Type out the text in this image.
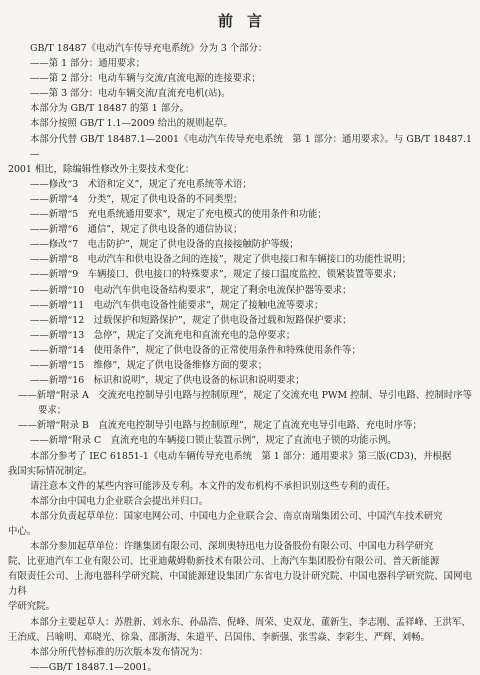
前言
GB/T 18487《电动汽车传导充电系统》分为 3 个部分：
——第 1 部分：通用要求；
——第 2 部分：电动车辆与交流/直流电源的连接要求；
——第 3 部分：电动车辆交流/直流充电机(站)。
本部分为 GB/T 18487 的第 1 部分。
本部分按照 GB/T 1.1—2009 给出的规则起草。
本部分代替 GB/T 18487.1—2001《电动汽车传导充电系统　第 1 部分：通用要求》。与 GB/T 18487.1—
2001 相比，除编辑性修改外主要技术变化：
——修改“3　术语和定义”，规定了充电系统等术语；
——新增“4　分类”，规定了供电设备的不同类型；
——新增“5　充电系统通用要求”，规定了充电模式的使用条件和功能；
——新增“6　通信”，规定了供电设备的通信协议；
——修改“7　电击防护”，规定了供电设备的直接接触防护等级；
——新增“8　电动汽车和供电设备之间的连接”，规定了供电接口和车辆接口的功能性说明；
——新增“9　车辆接口、供电接口的特殊要求”，规定了接口温度监控、锁紧装置等要求；
——新增“10　电动汽车供电设备结构要求”，规定了剩余电流保护器等要求；
——新增“11　电动汽车供电设备性能要求”，规定了接触电流等要求；
——新增“12　过载保护和短路保护”，规定了供电设备过载和短路保护要求；
——新增“13　急停”，规定了交流充电和直流充电的急停要求；
——新增“14　使用条件”，规定了供电设备的正常使用条件和特殊使用条件等；
——新增“15　维修”，规定了供电设备维修方面的要求；
——新增“16　标识和说明”，规定了供电设备的标识和说明要求；
——新增“附录 A　交流充电控制导引电路与控制原理”，规定了交流充电 PWM 控制、导引电路、控制时序等要求；
——新增“附录 B　直流充电控制导引电路与控制原理”，规定了直流充电导引电路、充电时序等；
——新增“附录 C　直流充电的车辆接口锁止装置示例”，规定了直流电子锁的功能示例。
本部分参考了 IEC 61851-1《电动车辆传导充电系统　第 1 部分：通用要求》第三版(CD3)，并根据
我国实际情况制定。
请注意本文件的某些内容可能涉及专利。本文件的发布机构不承担识别这些专利的责任。
本部分由中国电力企业联合会提出并归口。
本部分负责起草单位：国家电网公司、中国电力企业联合会、南京南瑞集团公司、中国汽车技术研究
中心。
本部分参加起草单位：许继集团有限公司、深圳奥特迅电力设备股份有限公司、中国电力科学研究
院、比亚迪汽车工业有限公司、比亚迪戴姆勒新技术有限公司、上海汽车集团股份有限公司、普天新能源
有限责任公司、上海电器科学研究院、中国能源建设集团广东省电力设计研究院、中国电器科学研究院、国网电力科
学研究院。
本部分主要起草人：苏胜新、刘永东、孙晶浩、倪峰、周荣、史双龙、董新生、李志刚、孟祥峰、王洪军、
王治成、吕喻明、邓晓光、徐枭、邵浙海、朱道平、吕国伟、李新强、张雪焱、李彩生、严辉、刘畅。
本部分所代替标准的历次版本发布情况为：
——GB/T 18487.1—2001。
